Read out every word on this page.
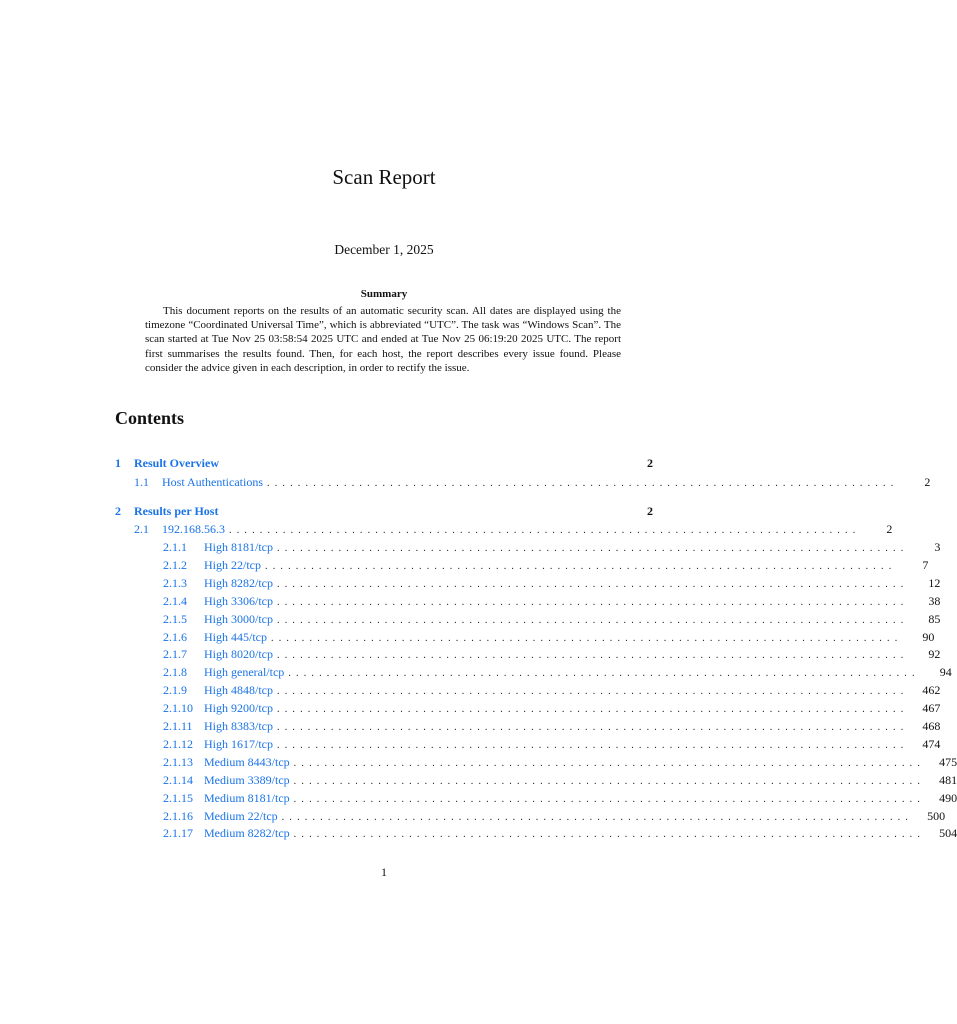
Scan Report
December 1, 2025
Summary

This document reports on the results of an automatic security scan. All dates are displayed using the timezone “Coordinated Universal Time”, which is abbreviated “UTC”. The task was “Windows Scan”. The scan started at Tue Nov 25 03:58:54 2025 UTC and ended at Tue Nov 25 06:19:20 2025 UTC. The report first summarises the results found. Then, for each host, the report describes every issue found. Please consider the advice given in each description, in order to rectify the issue.

Contents
1	Result Overview	2
1.1	Host Authentications ..................................................................................	2
2	Results per Host	2
2.1	192.168.56.3 ..................................................................................	2
2.1.1	High 8181/tcp ..................................................................................	3
2.1.2	High 22/tcp ..................................................................................	7
2.1.3	High 8282/tcp ..................................................................................	12
2.1.4	High 3306/tcp ..................................................................................	38
2.1.5	High 3000/tcp ..................................................................................	85
2.1.6	High 445/tcp ..................................................................................	90
2.1.7	High 8020/tcp ..................................................................................	92
2.1.8	High general/tcp ..................................................................................	94
2.1.9	High 4848/tcp ..................................................................................	462
2.1.10 High 9200/tcp ..................................................................................	467
2.1.11 High 8383/tcp ..................................................................................	468
2.1.12 High 1617/tcp ..................................................................................	474
2.1.13 Medium 8443/tcp ..................................................................................	475
2.1.14 Medium 3389/tcp ..................................................................................	481
2.1.15 Medium 8181/tcp ..................................................................................	490
2.1.16 Medium 22/tcp ..................................................................................	500
2.1.17 Medium 8282/tcp ..................................................................................	504
1
